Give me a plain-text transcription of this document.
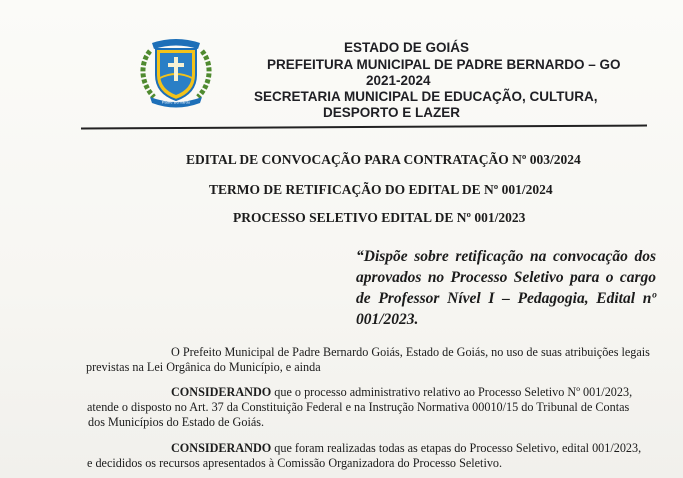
Padre Bernardo
ESTADO DE GOIÁS
PREFEITURA MUNICIPAL DE PADRE BERNARDO – GO
2021-2024
SECRETARIA MUNICIPAL DE EDUCAÇÃO, CULTURA,
DESPORTO E LAZER
EDITAL DE CONVOCAÇÃO PARA CONTRATAÇÃO Nº 003/2024
TERMO DE RETIFICAÇÃO DO EDITAL DE Nº 001/2024
PROCESSO SELETIVO EDITAL DE Nº 001/2023
“Dispõe sobre retificação na convocação dos aprovados no Processo Seletivo para o cargo de Professor Nível I – Pedagogia, Edital nº 001/2023.
O Prefeito Municipal de Padre Bernardo Goiás, Estado de Goiás, no uso de suas atribuições legais
previstas na Lei Orgânica do Município, e ainda
CONSIDERANDO que o processo administrativo relativo ao Processo Seletivo Nº 001/2023,
atende o disposto no Art. 37 da Constituição Federal e na Instrução Normativa 00010/15 do Tribunal de Contas
dos Municípios do Estado de Goiás.
CONSIDERANDO que foram realizadas todas as etapas do Processo Seletivo, edital 001/2023,
e decididos os recursos apresentados à Comissão Organizadora do Processo Seletivo.
